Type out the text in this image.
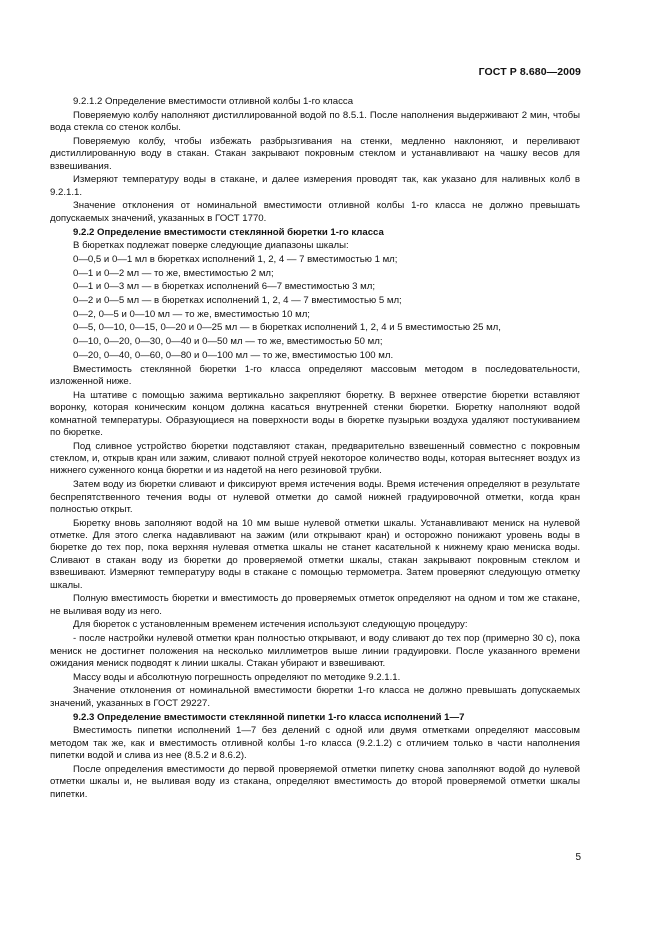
ГОСТ Р 8.680—2009

9.2.1.2 Определение вместимости отливной колбы 1-го класса

Поверяемую колбу наполняют дистиллированной водой по 8.5.1. После наполнения выдерживают 2 мин, чтобы вода стекла со стенок колбы.

Поверяемую колбу, чтобы избежать разбрызгивания на стенки, медленно наклоняют, и переливают дистиллированную воду в стакан. Стакан закрывают покровным стеклом и устанавливают на чашку весов для взвешивания.

Измеряют температуру воды в стакане, и далее измерения проводят так, как указано для наливных колб в 9.2.1.1.

Значение отклонения от номинальной вместимости отливной колбы 1-го класса не должно превышать допускаемых значений, указанных в ГОСТ 1770.

9.2.2 Определение вместимости стеклянной бюретки 1-го класса

В бюретках подлежат поверке следующие диапазоны шкалы:

0—0,5 и 0—1 мл в бюретках исполнений 1, 2, 4 — 7 вместимостью 1 мл;

0—1 и 0—2 мл — то же, вместимостью 2 мл;

0—1 и 0—3 мл — в бюретках исполнений 6—7 вместимостью 3 мл;

0—2 и 0—5 мл — в бюретках исполнений 1, 2, 4 — 7 вместимостью 5 мл;

0—2, 0—5 и 0—10 мл — то же, вместимостью 10 мл;

0—5, 0—10, 0—15, 0—20 и 0—25 мл — в бюретках исполнений 1, 2, 4 и 5 вместимостью 25 мл,

0—10, 0—20, 0—30, 0—40 и 0—50 мл — то же, вместимостью 50 мл;

0—20, 0—40, 0—60, 0—80 и 0—100 мл — то же, вместимостью 100 мл.

Вместимость стеклянной бюретки 1-го класса определяют массовым методом в последовательности, изложенной ниже.

На штативе с помощью зажима вертикально закрепляют бюретку. В верхнее отверстие бюретки вставляют воронку, которая коническим концом должна касаться внутренней стенки бюретки. Бюретку наполняют водой комнатной температуры. Образующиеся на поверхности воды в бюретке пузырьки воздуха удаляют постукиванием по бюретке.

Под сливное устройство бюретки подставляют стакан, предварительно взвешенный совместно с покровным стеклом, и, открыв кран или зажим, сливают полной струей некоторое количество воды, которая вытесняет воздух из нижнего суженного конца бюретки и из надетой на него резиновой трубки.

Затем воду из бюретки сливают и фиксируют время истечения воды. Время истечения определяют в результате беспрепятственного течения воды от нулевой отметки до самой нижней градуировочной отметки, когда кран полностью открыт.

Бюретку вновь заполняют водой на 10 мм выше нулевой отметки шкалы. Устанавливают мениск на нулевой отметке. Для этого слегка надавливают на зажим (или открывают кран) и осторожно понижают уровень воды в бюретке до тех пор, пока верхняя нулевая отметка шкалы не станет касательной к нижнему краю мениска воды. Сливают в стакан воду из бюретки до проверяемой отметки шкалы, стакан закрывают покровным стеклом и взвешивают. Измеряют температуру воды в стакане с помощью термометра. Затем проверяют следующую отметку шкалы.

Полную вместимость бюретки и вместимость до проверяемых отметок определяют на одном и том же стакане, не выливая воду из него.

Для бюреток с установленным временем истечения используют следующую процедуру:

- после настройки нулевой отметки кран полностью открывают, и воду сливают до тех пор (примерно 30 с), пока мениск не достигнет положения на несколько миллиметров выше линии градуировки. После указанного времени ожидания мениск подводят к линии шкалы. Стакан убирают и взвешивают.

Массу воды и абсолютную погрешность определяют по методике 9.2.1.1.

Значение отклонения от номинальной вместимости бюретки 1-го класса не должно превышать допускаемых значений, указанных в ГОСТ 29227.

9.2.3 Определение вместимости стеклянной пипетки 1-го класса исполнений 1—7

Вместимость пипетки исполнений 1—7 без делений с одной или двумя отметками определяют массовым методом так же, как и вместимость отливной колбы 1-го класса (9.2.1.2) с отличием только в части наполнения пипетки водой и слива из нее (8.5.2 и 8.6.2).

После определения вместимости до первой проверяемой отметки пипетку снова заполняют водой до нулевой отметки шкалы и, не выливая воду из стакана, определяют вместимость до второй проверяемой отметки шкалы пипетки.

5
